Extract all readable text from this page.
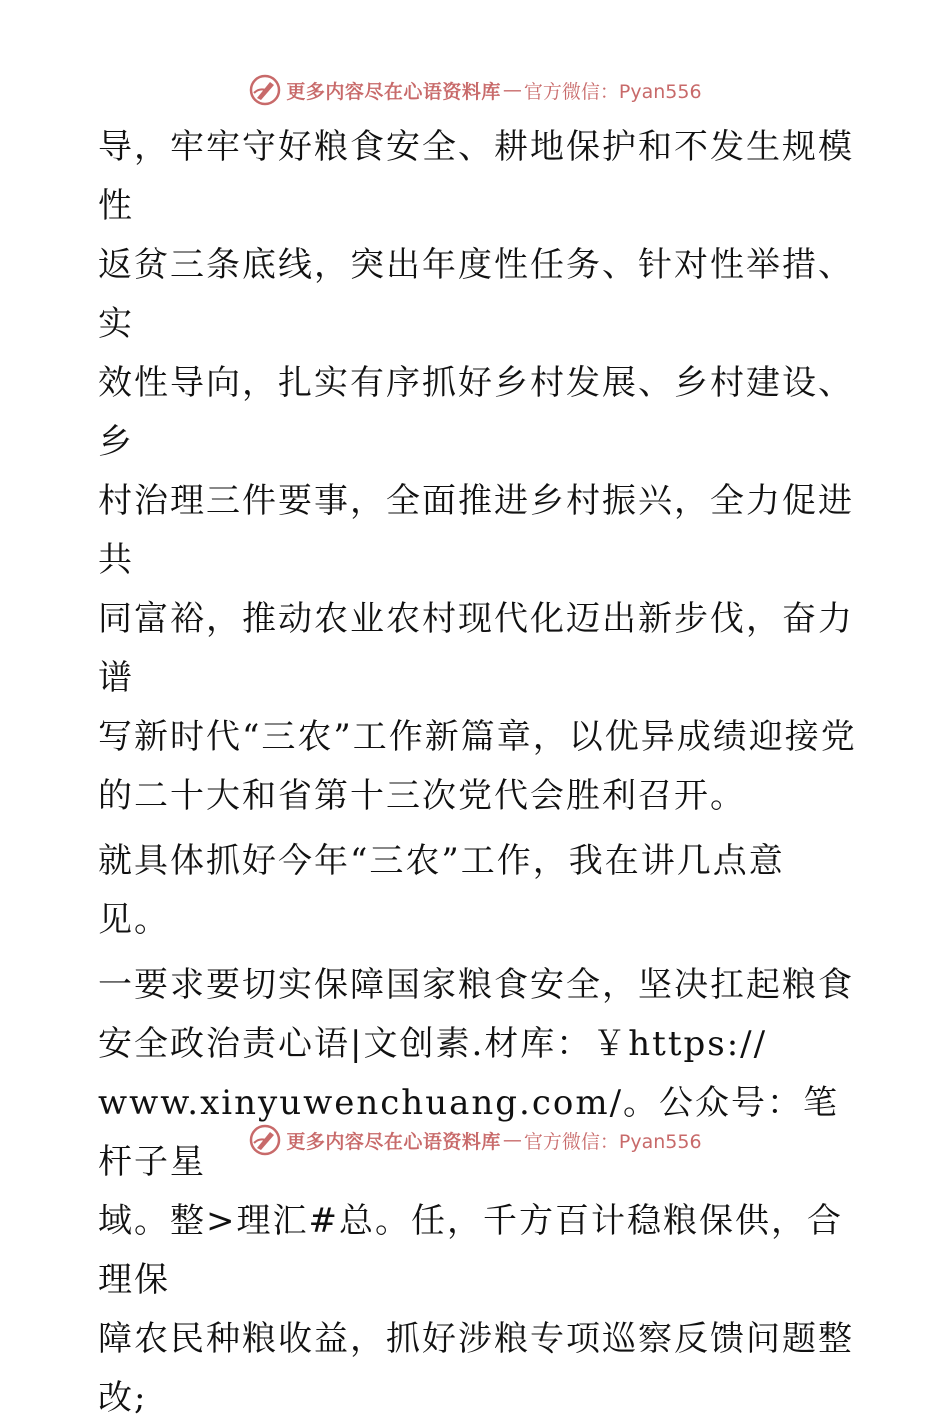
更多内容尽在心语资料库 — 官方微信：Pyan556

导，牢牢守好粮食安全、耕地保护和不发生规模性
返贫三条底线，突出年度性任务、针对性举措、实
效性导向，扎实有序抓好乡村发展、乡村建设、乡
村治理三件要事，全面推进乡村振兴，全力促进共
同富裕，推动农业农村现代化迈出新步伐，奋力谱
写新时代“三农”工作新篇章，以优异成绩迎接党
的二十大和省第十三次党代会胜利召开。

就具体抓好今年“三农”工作，我在讲几点意
见。

一要求要切实保障国家粮食安全，坚决扛起粮食
安全政治责心语|文创素.材库：￥https://
www.xinyuwenchuang.com/。公众号：笔杆子星
域。整>理汇#总。任，千方百计稳粮保供，合理保
障农民种粮收益，抓好涉粮专项巡察反馈问题整
改;

更多内容尽在心语资料库 — 官方微信：Pyan556
